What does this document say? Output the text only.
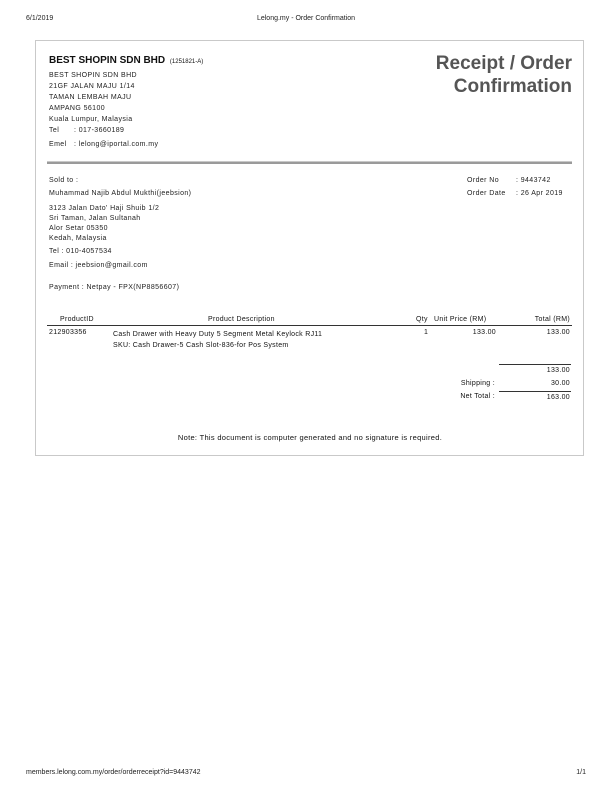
6/1/2019	Lelong.my - Order Confirmation
BEST SHOPIN SDN BHD (1251821-A)
BEST SHOPIN SDN BHD
21GF JALAN MAJU 1/14
TAMAN LEMBAH MAJU
AMPANG 56100
Kuala Lumpur, Malaysia
Tel : 017-3660189
Emel : lelong@iportal.com.my
Receipt / Order
Confirmation
Sold to :
Muhammad Najib Abdul Mukthi(jeebsion)
3123 Jalan Dato' Haji Shuib 1/2
Sri Taman, Jalan Sultanah
Alor Setar 05350
Kedah, Malaysia
Tel : 010-4057534
Email : jeebsion@gmail.com
Payment : Netpay - FPX(NP8856607)
Order No : 9443742
Order Date : 26 Apr 2019
ProductID	Product Description	Qty Unit Price (RM)	Total (RM)
212903356	Cash Drawer with Heavy Duty 5 Segment Metal Keylock RJ11
SKU: Cash Drawer-5 Cash Slot-836-for Pos System
1	133.00	133.00
133.00
Shipping :	30.00
Net Total :	163.00
Note: This document is computer generated and no signature is required.
members.lelong.com.my/order/orderreceipt?id=9443742	1/1
